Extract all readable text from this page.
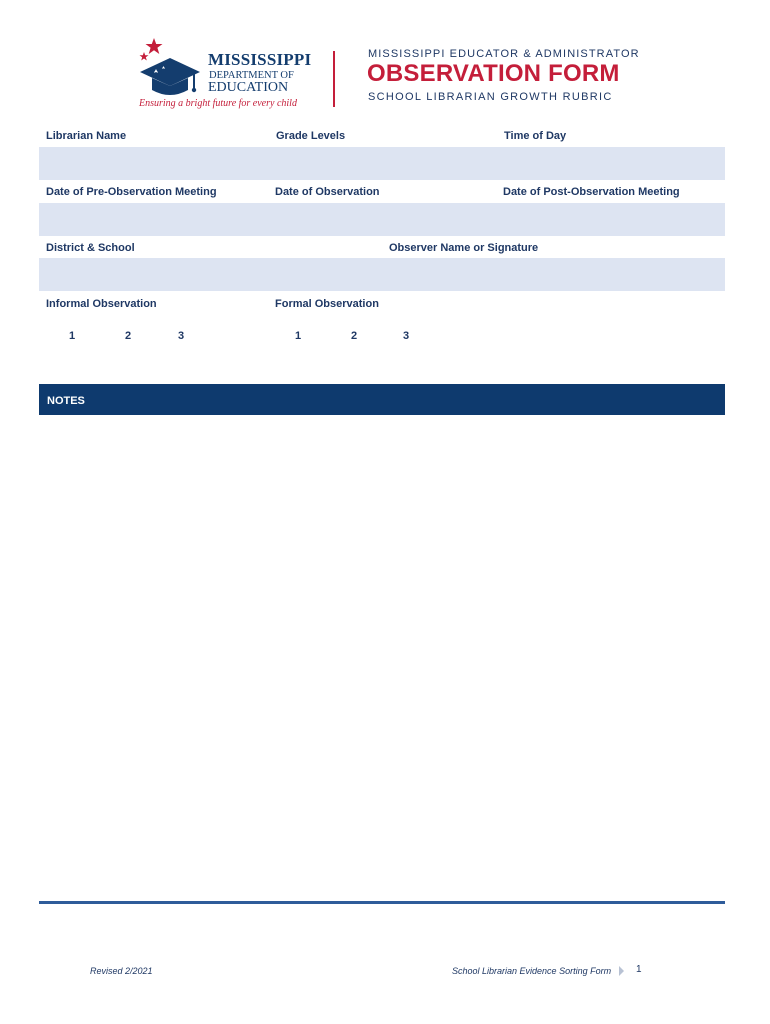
MISSISSIPPI
DEPARTMENT OF
EDUCATION
Ensuring a bright future for every child
MISSISSIPPI EDUCATOR & ADMINISTRATOR
OBSERVATION FORM
SCHOOL LIBRARIAN GROWTH RUBRIC
Librarian Name	Grade Levels	Time of Day
Date of Pre-Observation Meeting	Date of Observation	Date of Post-Observation Meeting
District & School	Observer Name or Signature
Informal Observation	Formal Observation
1	2	3	1	2	3
NOTES
Revised 2/2021	School Librarian Evidence Sorting Form 1
